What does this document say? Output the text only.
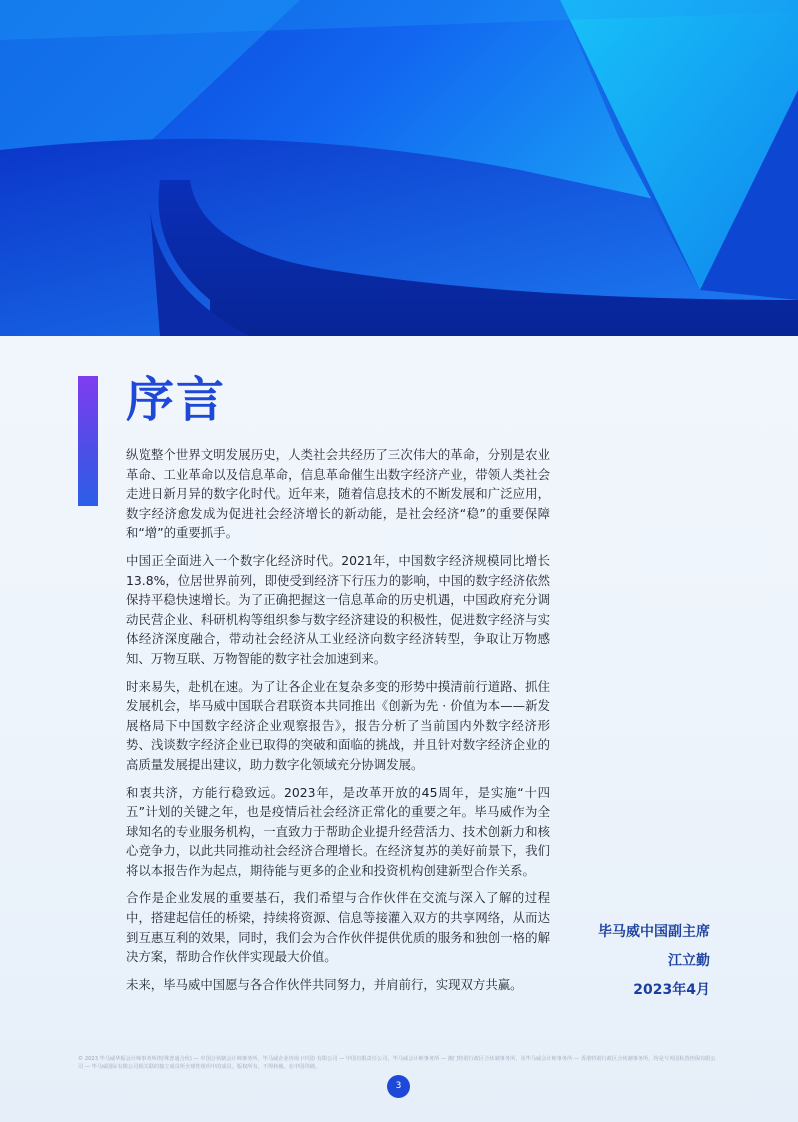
序言

纵览整个世界文明发展历史，人类社会共经历了三次伟大的革命，分别是农业革命、工业革命以及信息革命，信息革命催生出数字经济产业，带领人类社会走进日新月异的数字化时代。近年来，随着信息技术的不断发展和广泛应用，数字经济愈发成为促进社会经济增长的新动能，是社会经济“稳”的重要保障和“增”的重要抓手。

中国正全面进入一个数字化经济时代。2021年，中国数字经济规模同比增长13.8%，位居世界前列，即使受到经济下行压力的影响，中国的数字经济依然保持平稳快速增长。为了正确把握这一信息革命的历史机遇，中国政府充分调动民营企业、科研机构等组织参与数字经济建设的积极性，促进数字经济与实体经济深度融合，带动社会经济从工业经济向数字经济转型，争取让万物感知、万物互联、万物智能的数字社会加速到来。

时来易失，赴机在速。为了让各企业在复杂多变的形势中摸清前行道路、抓住发展机会，毕马威中国联合君联资本共同推出《创新为先 · 价值为本——新发展格局下中国数字经济企业观察报告》，报告分析了当前国内外数字经济形势、浅谈数字经济企业已取得的突破和面临的挑战，并且针对数字经济企业的高质量发展提出建议，助力数字化领域充分协调发展。

和衷共济，方能行稳致远。2023年，是改革开放的45周年，是实施“十四五”计划的关键之年，也是疫情后社会经济正常化的重要之年。毕马威作为全球知名的专业服务机构，一直致力于帮助企业提升经营活力、技术创新力和核心竞争力，以此共同推动社会经济合理增长。在经济复苏的美好前景下，我们将以本报告作为起点，期待能与更多的企业和投资机构创建新型合作关系。

合作是企业发展的重要基石，我们希望与合作伙伴在交流与深入了解的过程中，搭建起信任的桥梁，持续将资源、信息等接灌入双方的共享网络，从而达到互惠互利的效果，同时，我们会为合作伙伴提供优质的服务和独创一格的解决方案，帮助合作伙伴实现最大价值。

未来，毕马威中国愿与各合作伙伴共同努力，并肩前行，实现双方共赢。

毕马威中国副主席
江立勤
2023年4月
© 2023 毕马威华振会计师事务所(特殊普通合伙) — 中国合伙制会计师事务所，毕马威企业咨询 (中国) 有限公司 — 中国有限责任公司，毕马威会计师事务所 — 澳门特别行政区合伙制事务所，及毕马威会计师事务所 — 香港特别行政区合伙制事务所，均是与英国私营担保有限公司 — 毕马威国际有限公司相关联的独立成员所全球性组织中的成员。版权所有，不得转载。在中国印刷。
3
